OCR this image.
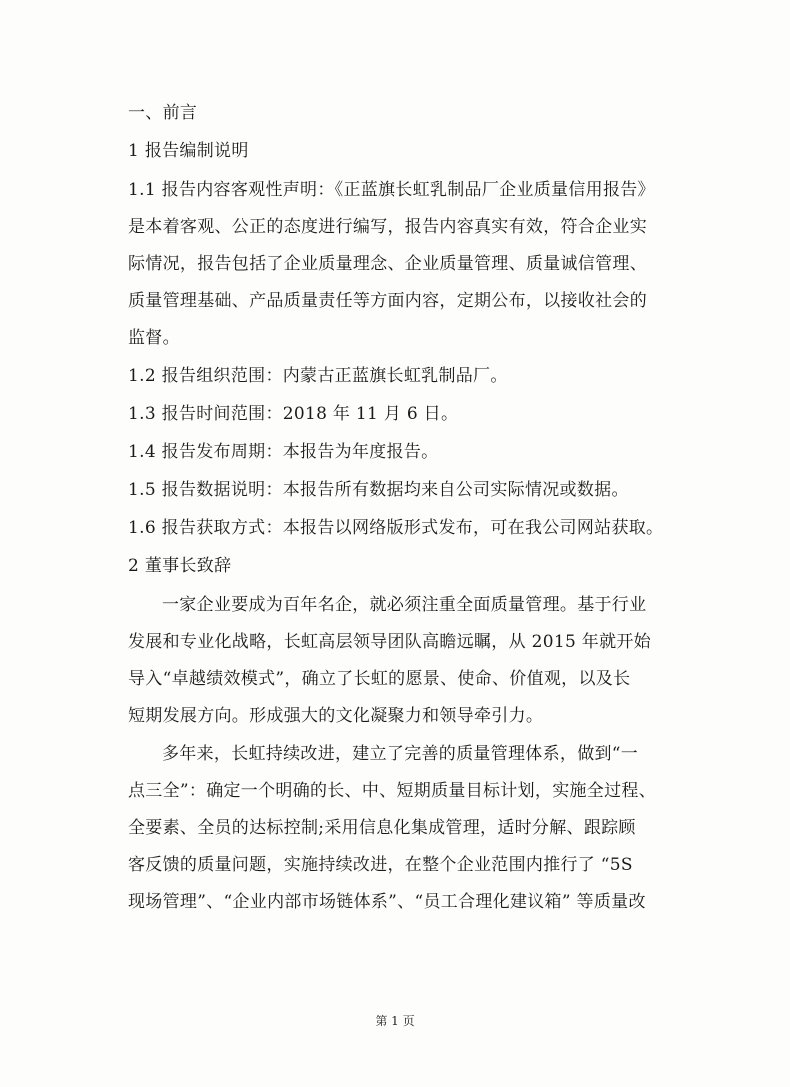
一、前言
1 报告编制说明
1.1 报告内容客观性声明：《正蓝旗长虹乳制品厂企业质量信用报告》
是本着客观、公正的态度进行编写，报告内容真实有效，符合企业实
际情况，报告包括了企业质量理念、企业质量管理、质量诚信管理、
质量管理基础、产品质量责任等方面内容，定期公布，以接收社会的
监督。
1.2 报告组织范围：内蒙古正蓝旗长虹乳制品厂。
1.3 报告时间范围：2018 年 11 月 6 日。
1.4 报告发布周期：本报告为年度报告。
1.5 报告数据说明：本报告所有数据均来自公司实际情况或数据。
1.6 报告获取方式：本报告以网络版形式发布，可在我公司网站获取。
2 董事长致辞
一家企业要成为百年名企，就必须注重全面质量管理。基于行业
发展和专业化战略，长虹高层领导团队高瞻远瞩，从 2015 年就开始
导入“卓越绩效模式”，确立了长虹的愿景、使命、价值观，以及长
短期发展方向。形成强大的文化凝聚力和领导牵引力。
多年来，长虹持续改进，建立了完善的质量管理体系，做到“一
点三全”：确定一个明确的长、中、短期质量目标计划，实施全过程、
全要素、全员的达标控制;采用信息化集成管理，适时分解、跟踪顾
客反馈的质量问题，实施持续改进，在整个企业范围内推行了 “5S
现场管理”、“企业内部市场链体系”、“员工合理化建议箱” 等质量改
第 1 页
